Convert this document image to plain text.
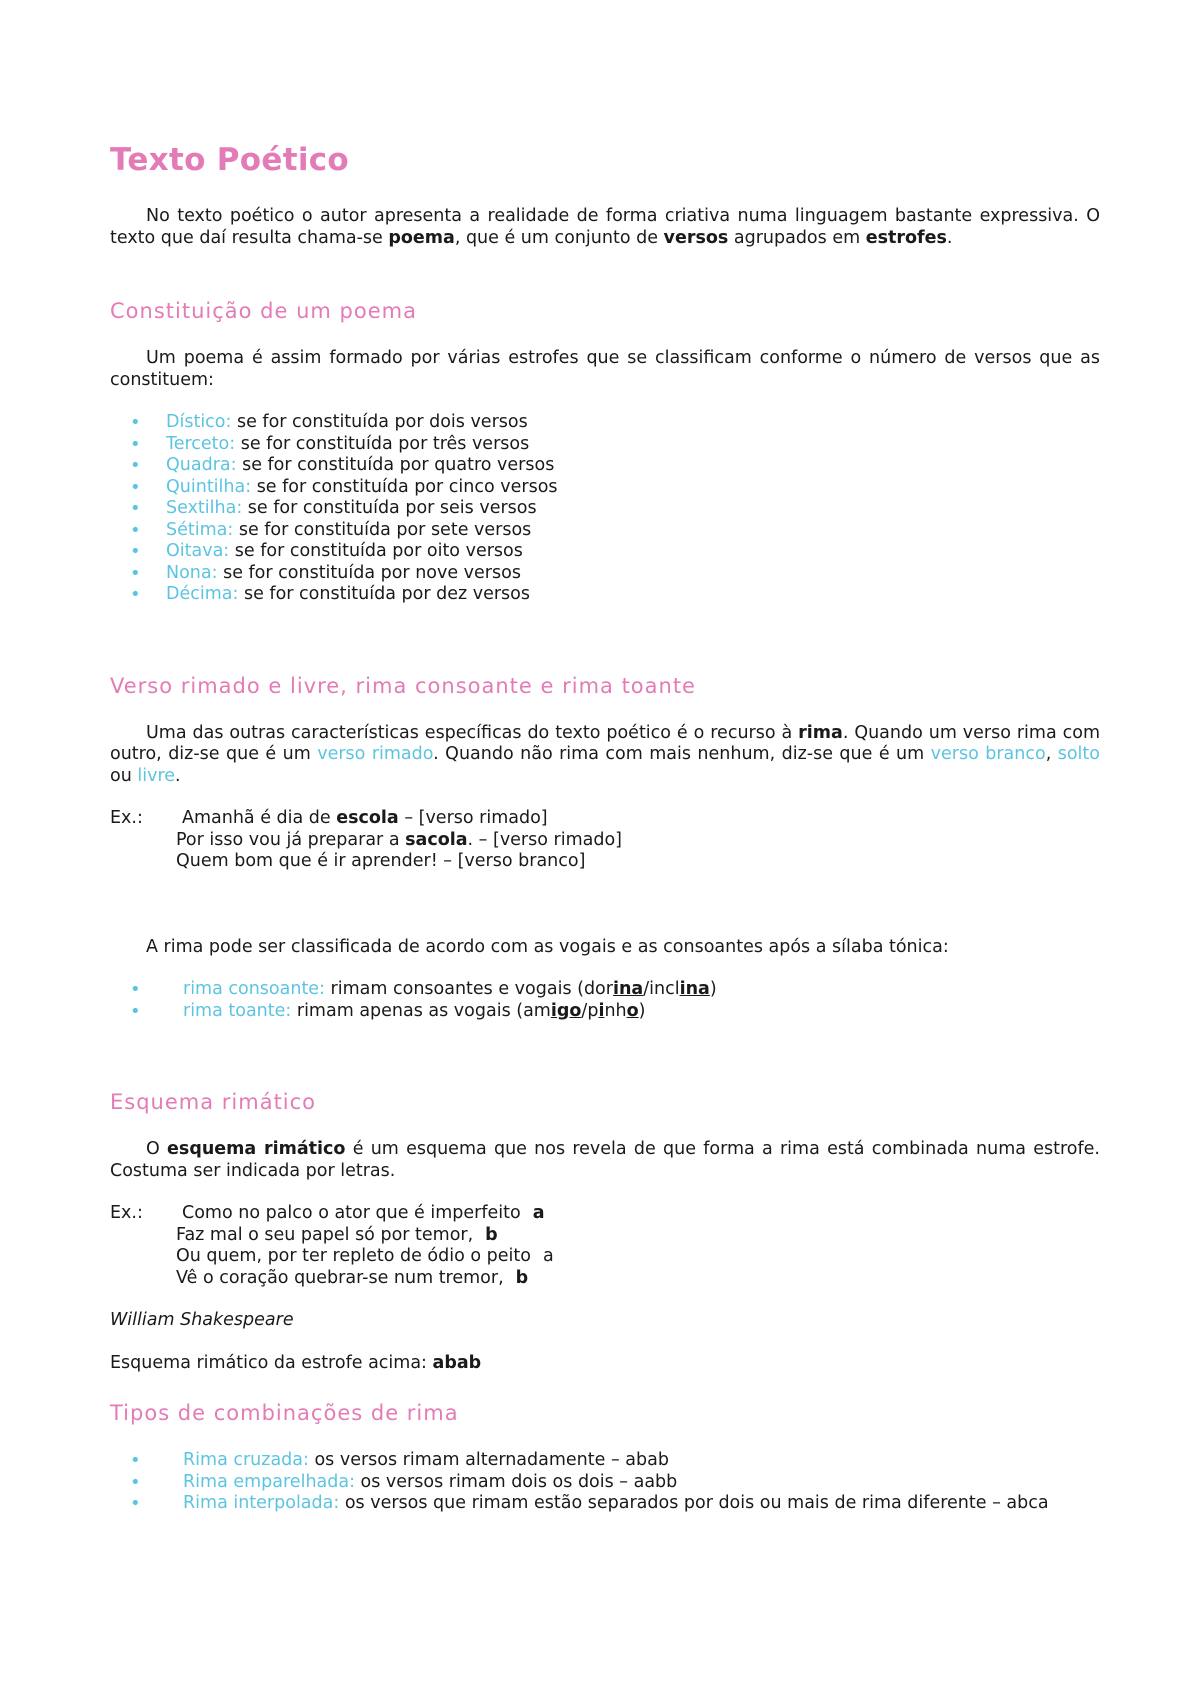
Texto Poético

No texto poético o autor apresenta a realidade de forma criativa numa linguagem bastante expressiva. O texto que daí resulta chama-se poema, que é um conjunto de versos agrupados em estrofes.

Constituição de um poema

Um poema é assim formado por várias estrofes que se classificam conforme o número de versos que as constituem:

• Dístico: se for constituída por dois versos
• Terceto: se for constituída por três versos
• Quadra: se for constituída por quatro versos
• Quintilha: se for constituída por cinco versos
• Sextilha: se for constituída por seis versos
• Sétima: se for constituída por sete versos
• Oitava: se for constituída por oito versos
• Nona: se for constituída por nove versos
• Décima: se for constituída por dez versos
Verso rimado e livre, rima consoante e rima toante

Uma das outras características específicas do texto poético é o recurso à rima. Quando um verso rima com outro, diz-se que é um verso rimado. Quando não rima com mais nenhum, diz-se que é um verso branco, solto ou livre.

Ex.:	Amanhã é dia de escola – [verso rimado]
Por isso vou já preparar a sacola. – [verso rimado]
Quem bom que é ir aprender! – [verso branco]

A rima pode ser classificada de acordo com as vogais e as consoantes após a sílaba tónica:

• rima consoante: rimam consoantes e vogais (dorina/inclina)
• rima toante: rimam apenas as vogais (amigo/pinho)
Esquema rimático

O esquema rimático é um esquema que nos revela de que forma a rima está combinada numa estrofe. Costuma ser indicada por letras.

Ex.:	Como no palco o ator que é imperfeito a
Faz mal o seu papel só por temor, b
Ou quem, por ter repleto de ódio o peito a
Vê o coração quebrar-se num tremor, b

William Shakespeare

Esquema rimático da estrofe acima: abab

Tipos de combinações de rima
• Rima cruzada: os versos rimam alternadamente – abab
• Rima emparelhada: os versos rimam dois os dois – aabb
• Rima interpolada: os versos que rimam estão separados por dois ou mais de rima diferente – abca
